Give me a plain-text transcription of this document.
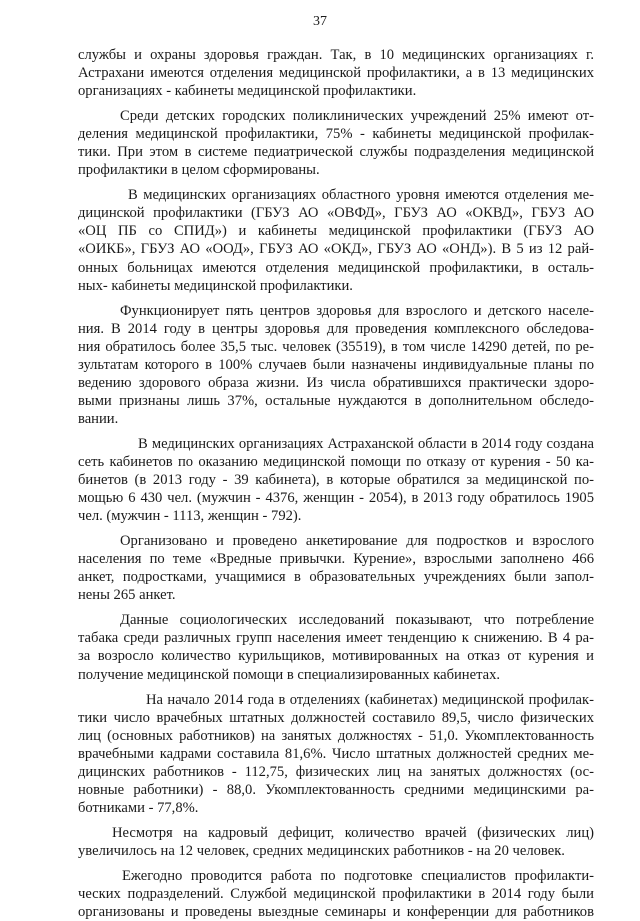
37
службы и охраны здоровья граждан. Так, в 10 медицинских организациях г.
Астрахани имеются отделения медицинской профилактики, а в 13 медицинских
организациях - кабинеты медицинской профилактики.
Среди детских городских поликлинических учреждений 25% имеют от-
деления медицинской профилактики, 75% - кабинеты медицинской профилак-
тики. При этом в системе педиатрической службы подразделения медицинской
профилактики в целом сформированы.
В медицинских организациях областного уровня имеются отделения ме-
дицинской профилактики (ГБУЗ АО «ОВФД», ГБУЗ АО «ОКВД», ГБУЗ АО
«ОЦ ПБ со СПИД») и кабинеты медицинской профилактики (ГБУЗ АО
«ОИКБ», ГБУЗ АО «ООД», ГБУЗ АО «ОКД», ГБУЗ АО «ОНД»). В 5 из 12 рай-
онных больницах имеются отделения медицинской профилактики, в осталь-
ных- кабинеты медицинской профилактики.
Функционирует пять центров здоровья для взрослого и детского населе-
ния. В 2014 году в центры здоровья для проведения комплексного обследова-
ния обратилось более 35,5 тыс. человек (35519), в том числе 14290 детей, по ре-
зультатам которого в 100% случаев были назначены индивидуальные планы по
ведению здорового образа жизни. Из числа обратившихся практически здоро-
выми признаны лишь 37%, остальные нуждаются в дополнительном обследо-
вании.
В медицинских организациях Астраханской области в 2014 году создана
сеть кабинетов по оказанию медицинской помощи по отказу от курения - 50 ка-
бинетов (в 2013 году - 39 кабинета), в которые обратился за медицинской по-
мощью 6 430 чел. (мужчин - 4376, женщин - 2054), в 2013 году обратилось 1905
чел. (мужчин - 1113, женщин - 792).
Организовано и проведено анкетирование для подростков и взрослого
населения по теме «Вредные привычки. Курение», взрослыми заполнено 466
анкет, подростками, учащимися в образовательных учреждениях были запол-
нены 265 анкет.
Данные социологических исследований показывают, что потребление
табака среди различных групп населения имеет тенденцию к снижению. В 4 ра-
за возросло количество курильщиков, мотивированных на отказ от курения и
получение медицинской помощи в специализированных кабинетах.
На начало 2014 года в отделениях (кабинетах) медицинской профилак-
тики число врачебных штатных должностей составило 89,5, число физических
лиц (основных работников) на занятых должностях - 51,0. Укомплектованность
врачебными кадрами составила 81,6%. Число штатных должностей средних ме-
дицинских работников - 112,75, физических лиц на занятых должностях (ос-
новные работники) - 88,0. Укомплектованность средними медицинскими ра-
ботниками - 77,8%.
Несмотря на кадровый дефицит, количество врачей (физических лиц)
увеличилось на 12 человек, средних медицинских работников - на 20 человек.
Ежегодно проводится работа по подготовке специалистов профилакти-
ческих подразделений. Службой медицинской профилактики в 2014 году были
организованы и проведены выездные семинары и конференции для работников
